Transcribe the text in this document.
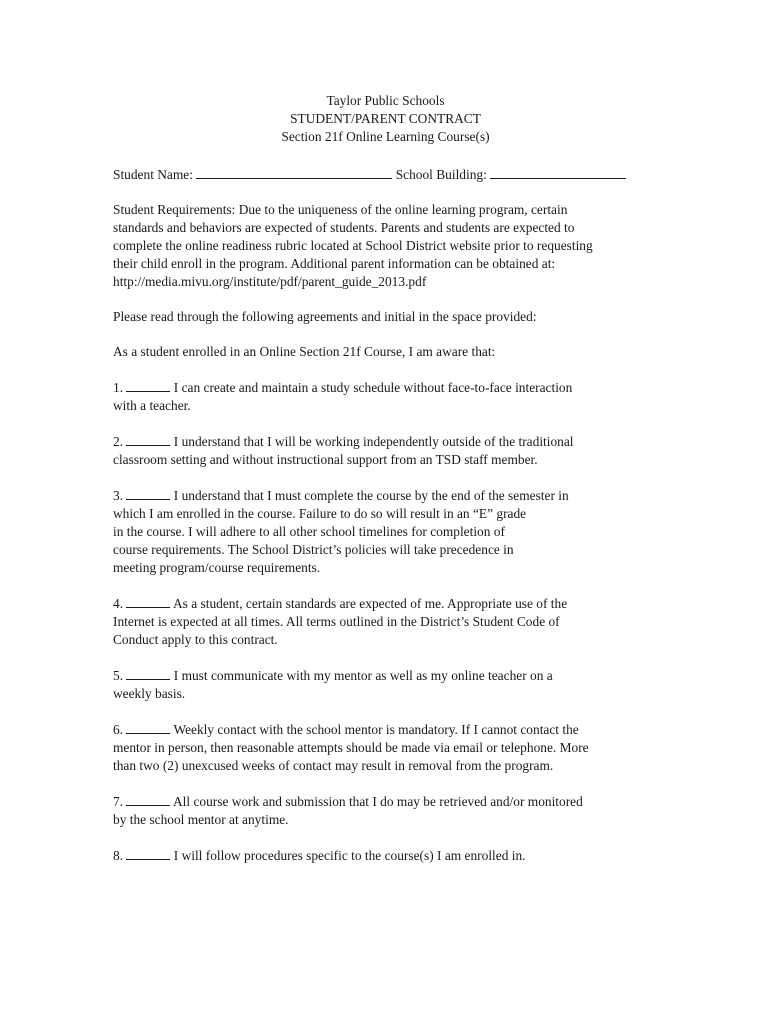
Taylor Public Schools
STUDENT/PARENT CONTRACT
Section 21f Online Learning Course(s)
Student Name:	School Building:
Student Requirements: Due to the uniqueness of the online learning program, certain
standards and behaviors are expected of students. Parents and students are expected to
complete the online readiness rubric located at School District website prior to requesting
their child enroll in the program. Additional parent information can be obtained at:
http://media.mivu.org/institute/pdf/parent_guide_2013.pdf
Please read through the following agreements and initial in the space provided:
As a student enrolled in an Online Section 21f Course, I am aware that:
1.	I can create and maintain a study schedule without face-to-face interaction
with a teacher.
2.	I understand that I will be working independently outside of the traditional
classroom setting and without instructional support from an TSD staff member.
3.	I understand that I must complete the course by the end of the semester in
which I am enrolled in the course. Failure to do so will result in an “E” grade
in the course. I will adhere to all other school timelines for completion of
course requirements. The School District’s policies will take precedence in
meeting program/course requirements.
4.	As a student, certain standards are expected of me. Appropriate use of the
Internet is expected at all times. All terms outlined in the District’s Student Code of
Conduct apply to this contract.
5.	I must communicate with my mentor as well as my online teacher on a
weekly basis.
6.	Weekly contact with the school mentor is mandatory. If I cannot contact the
mentor in person, then reasonable attempts should be made via email or telephone. More
than two (2) unexcused weeks of contact may result in removal from the program.
7.	All course work and submission that I do may be retrieved and/or monitored
by the school mentor at anytime.
8.	I will follow procedures specific to the course(s) I am enrolled in.
